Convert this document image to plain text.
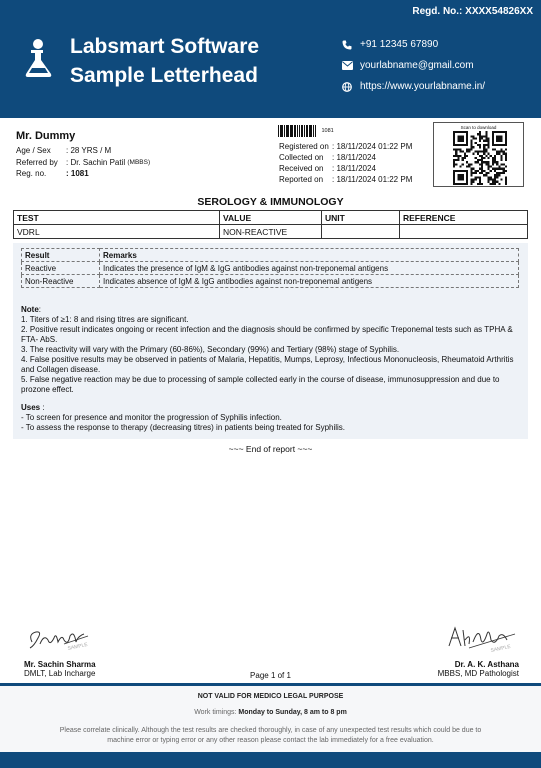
Regd. No.: XXXX54826XX
Labsmart Software
Sample Letterhead
+91 12345 67890
yourlabname@gmail.com
https://www.yourlabname.in/
Mr. Dummy
Age / Sex	: 28 YRS / M
Referred by	: Dr. Sachin Patil
(MBBS)
Reg. no.	: 1081
1081
Registered on : 18/11/2024 01:22 PM
Collected on	: 18/11/2024
Received on	: 18/11/2024
Reported on	: 18/11/2024 01:22 PM
Scan to download
SEROLOGY & IMMUNOLOGY
TEST	VALUE	UNIT	REFERENCE
VDRL	NON-REACTIVE		
Result	Remarks
Reactive	Indicates the presence of IgM & IgG antibodies against non-treponemal antigens
Non-Reactive	Indicates absence of IgM & IgG antibodies against non-treponemal antigens
Note:
1. Titers of ≥1: 8 and rising titres are significant.
2. Positive result indicates ongoing or recent infection and the diagnosis should be confirmed by specific Treponemal tests such as TPHA & FTA- AbS.
3. The reactivity will vary with the Primary (60-86%), Secondary (99%) and Tertiary (98%) stage of Syphilis.
4. False positive results may be observed in patients of Malaria, Hepatitis, Mumps, Leprosy, Infectious Mononucleosis, Rheumatoid Arthritis and Collagen disease.
5. False negative reaction may be due to processing of sample collected early in the course of disease, immunosuppression and due to prozone effect.
Uses :
- To screen for presence and monitor the progression of Syphilis infection.
- To assess the response to therapy (decreasing titres) in patients being treated for Syphilis.
~~~ End of report ~~~
SAMPLE
Mr. Sachin Sharma
DMLT, Lab Incharge
SAMPLE
Dr. A. K. Asthana
MBBS, MD Pathologist
Page 1 of 1
NOT VALID FOR MEDICO LEGAL PURPOSE
Work timings: Monday to Sunday, 8 am to 8 pm
Please correlate clinically. Although the test results are checked thoroughly, in case of any unexpected test results which could be due to machine error or typing error or any other reason please contact the lab immediately for a free evaluation.
